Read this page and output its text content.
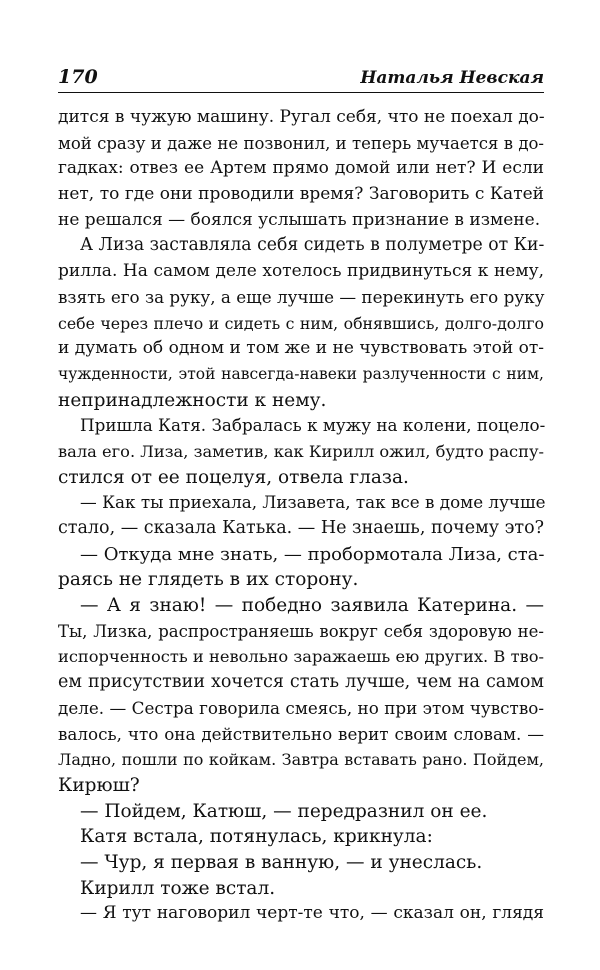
170	Наталья Невская
дится в чужую машину. Ругал себя, что не поехал до-
мой сразу и даже не позвонил, и теперь мучается в до-
гадках: отвез ее Артем прямо домой или нет? И если
нет, то где они проводили время? Заговорить с Катей
не решался — боялся услышать признание в измене.
А Лиза заставляла себя сидеть в полуметре от Ки-
рилла. На самом деле хотелось придвинуться к нему,
взять его за руку, а еще лучше — перекинуть его руку
себе через плечо и сидеть с ним, обнявшись, долго-долго
и думать об одном и том же и не чувствовать этой от-
чужденности, этой навсегда-навеки разлученности с ним,
непринадлежности к нему.
Пришла Катя. Забралась к мужу на колени, поцело-
вала его. Лиза, заметив, как Кирилл ожил, будто распу-
стился от ее поцелуя, отвела глаза.
— Как ты приехала, Лизавета, так все в доме лучше
стало, — сказала Катька. — Не знаешь, почему это?
— Откуда мне знать, — пробормотала Лиза, ста-
раясь не глядеть в их сторону.
— А я знаю! — победно заявила Катерина. —
Ты, Лизка, распространяешь вокруг себя здоровую не-
испорченность и невольно заражаешь ею других. В тво-
ем присутствии хочется стать лучше, чем на самом
деле. — Сестра говорила смеясь, но при этом чувство-
валось, что она действительно верит своим словам. —
Ладно, пошли по койкам. Завтра вставать рано. Пойдем,
Кирюш?
— Пойдем, Катюш, — передразнил он ее.
Катя встала, потянулась, крикнула:
— Чур, я первая в ванную, — и унеслась.
Кирилл тоже встал.
— Я тут наговорил черт-те что, — сказал он, глядя
